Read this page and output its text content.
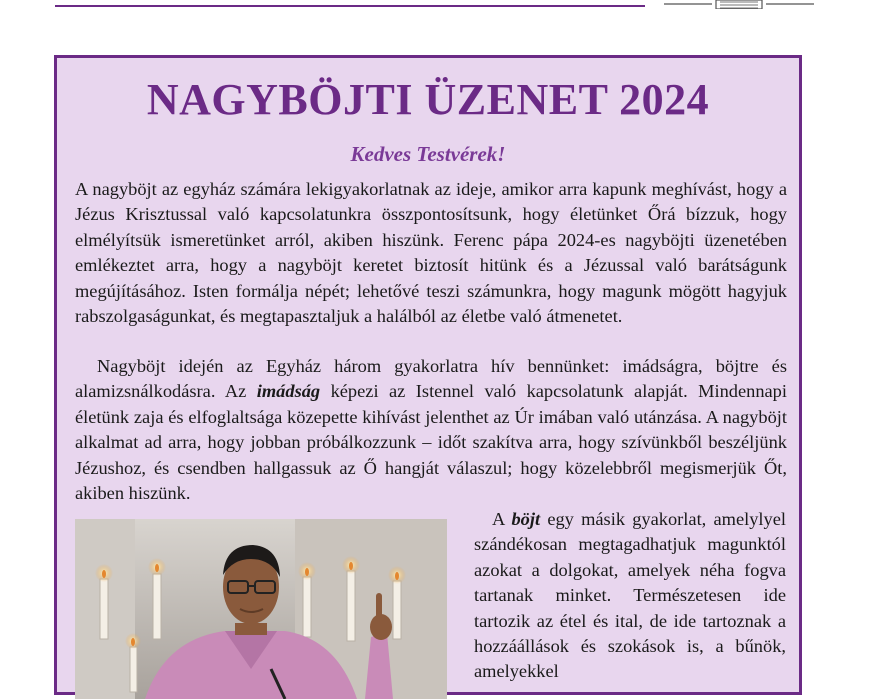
NAGYBÖJTI ÜZENET 2024
Kedves Testvérek!
A nagyböjt az egyház számára lekigyakorlatnak az ideje, amikor arra kapunk meghívást, hogy a Jézus Krisztussal való kapcsolatunkra összpontosítsunk, hogy életünket Őrá bízzuk, hogy elmélyítsük ismeretünket arról, akiben hiszünk. Ferenc pápa 2024-es nagyböjti üzenetében emlékeztet arra, hogy a nagyböjt keretet biztosít hitünk és a Jézussal való barátságunk megújításához. Isten formálja népét; lehetővé teszi számunkra, hogy magunk mögött hagyjuk rabszolgaságunkat, és megtapasztaljuk a halálból az életbe való átmenetet.
Nagyböjt idején az Egyház három gyakorlatra hív bennünket: imádságra, böjtre és alamizsnálkodásra. Az imádság képezi az Istennel való kapcsolatunk alapját. Mindennapi életünk zaja és elfoglaltsága közepette kihívást jelenthet az Úr imában való utánzása. A nagyböjt alkalmat ad arra, hogy jobban próbálkozzunk – időt szakítva arra, hogy szívünkből beszéljünk Jézushoz, és csendben hallgassuk az Ő hangját válaszul; hogy közelebbről megismerjük Őt, akiben hiszünk.
A böjt egy másik gyakorlat, amelylyel szándékosan megtagadhatjuk magunktól azokat a dolgokat, amelyek néha fogva tartanak minket. Természetesen ide tartozik az étel és ital, de ide tartoznak a hozzáállások és szokások is, a bűnök, amelyekkel
